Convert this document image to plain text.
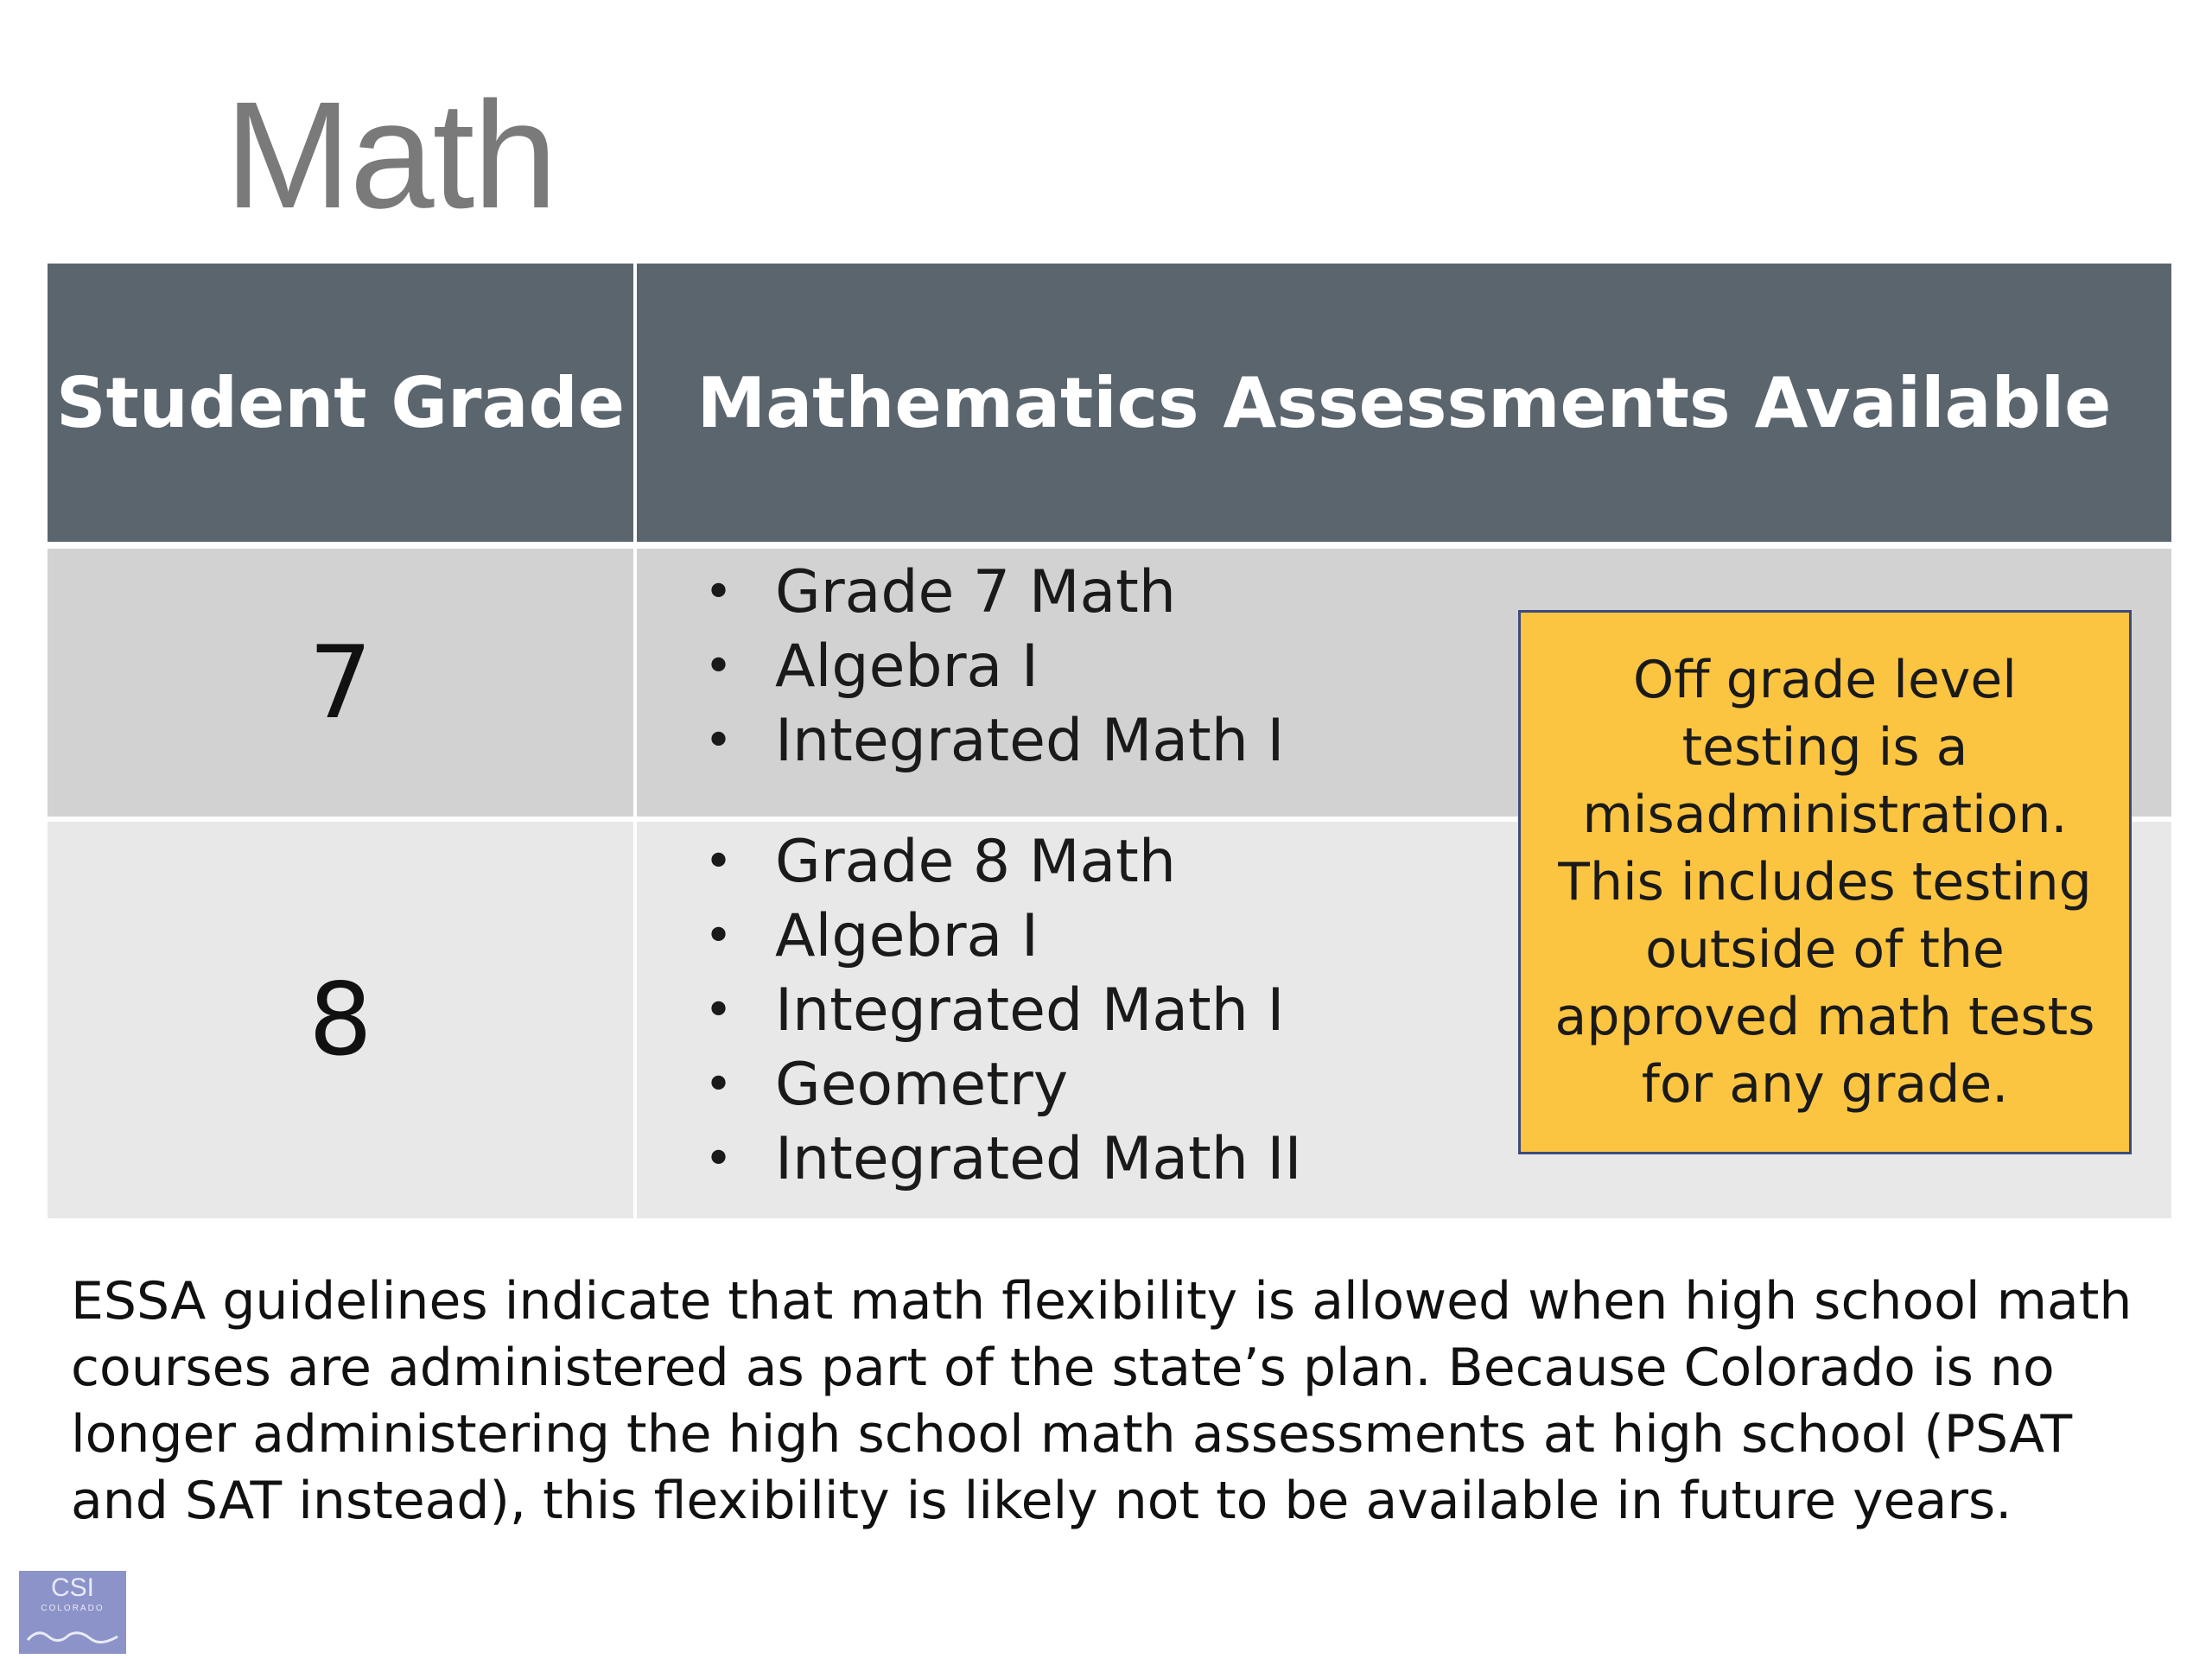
Math
Student Grade	Mathematics Assessments Available
7
• Grade 7 Math
• Algebra I
• Integrated Math I
8
• Grade 8 Math
• Algebra I
• Integrated Math I
• Geometry
• Integrated Math II
Off grade level testing is a misadministration. This includes testing outside of the approved math tests for any grade.
ESSA guidelines indicate that math flexibility is allowed when high school math courses are administered as part of the state’s plan. Because Colorado is no longer administering the high school math assessments at high school (PSAT and SAT instead), this flexibility is likely not to be available in future years.
CSI
COLORADO
